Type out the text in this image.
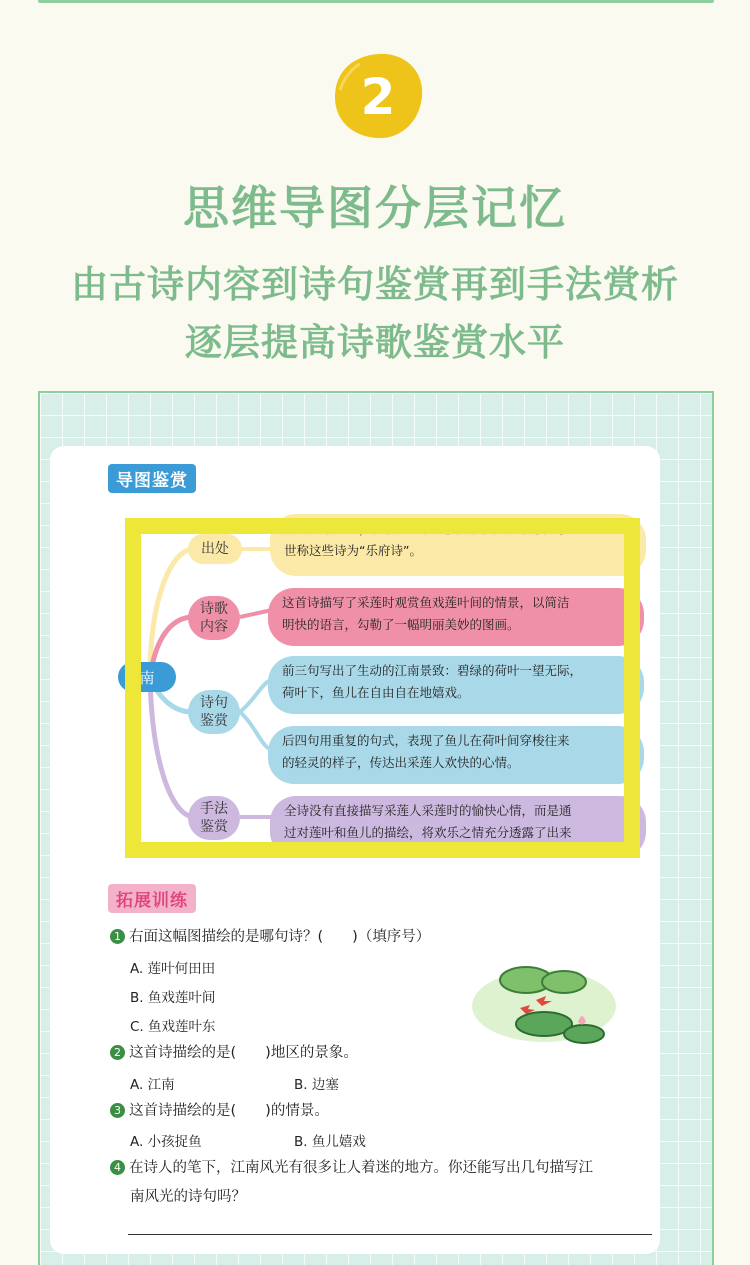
2
思维导图分层记忆
由古诗内容到诗句鉴赏再到手法赏析
逐层提高诗歌鉴赏水平
导图鉴赏
南
出处
诗歌内容
诗句鉴赏
手法鉴赏
人的诗来配乐，在朝廷祭祀或宴会演奏的时候使用。
世称这些诗为“乐府诗”。
这首诗描写了采莲时观赏鱼戏莲叶间的情景，以简洁
明快的语言，勾勒了一幅明丽美妙的图画。
前三句写出了生动的江南景致：碧绿的荷叶一望无际，
荷叶下，鱼儿在自由自在地嬉戏。
后四句用重复的句式，表现了鱼儿在荷叶间穿梭往来
的轻灵的样子，传达出采莲人欢快的心情。
全诗没有直接描写采莲人采莲时的愉快心情，而是通
过对莲叶和鱼儿的描绘，将欢乐之情充分透露了出来
拓展训练
1 右面这幅图描绘的是哪句诗？(　　)（填序号）
A. 莲叶何田田
B. 鱼戏莲叶间
C. 鱼戏莲叶东
2 这首诗描绘的是(　　)地区的景象。
A. 江南	B. 边塞
3 这首诗描绘的是(　　)的情景。
A. 小孩捉鱼	B. 鱼儿嬉戏
4 在诗人的笔下，江南风光有很多让人着迷的地方。你还能写出几句描写江
南风光的诗句吗？
